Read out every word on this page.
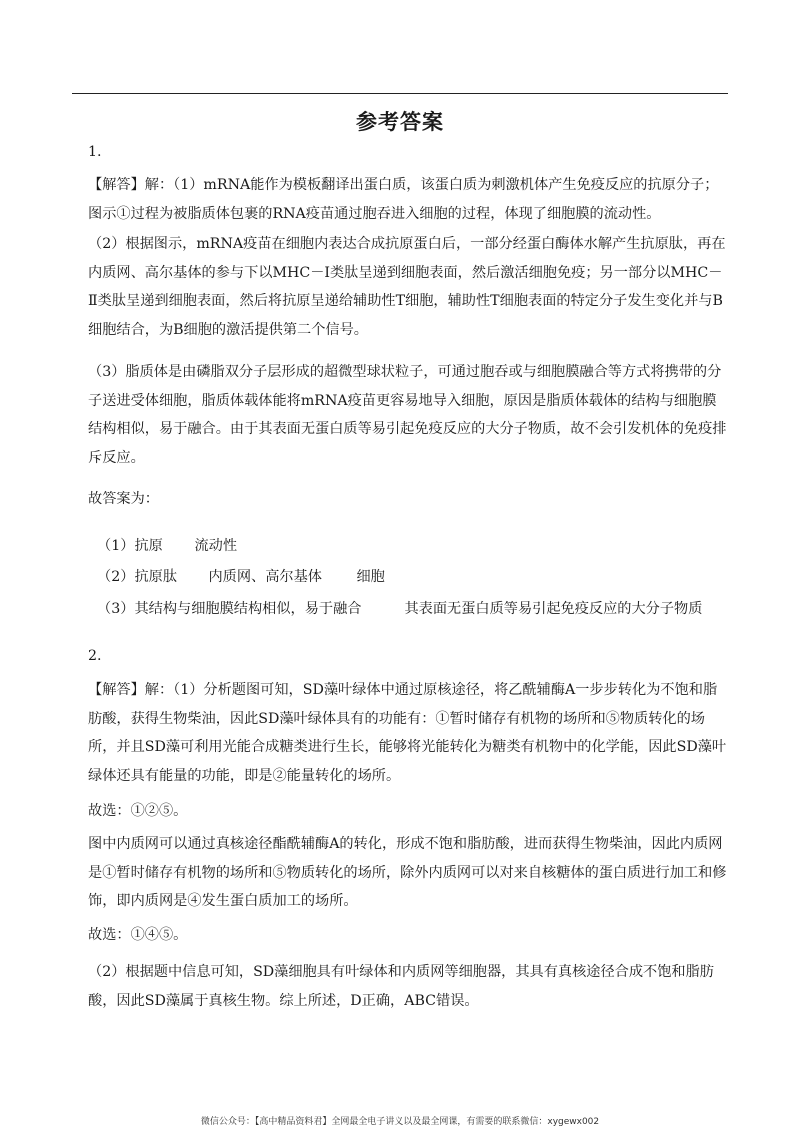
参考答案
1.
【解答】解：（1）mRNA能作为模板翻译出蛋白质，该蛋白质为刺激机体产生免疫反应的抗原分子；图示①过程为被脂质体包裹的RNA疫苗通过胞吞进入细胞的过程，体现了细胞膜的流动性。
（2）根据图示，mRNA疫苗在细胞内表达合成抗原蛋白后，一部分经蛋白酶体水解产生抗原肽，再在内质网、高尔基体的参与下以MHC－Ⅰ类肽呈递到细胞表面，然后激活细胞免疫；另一部分以MHC－Ⅱ类肽呈递到细胞表面，然后将抗原呈递给辅助性T细胞，辅助性T细胞表面的特定分子发生变化并与B细胞结合，为B细胞的激活提供第二个信号。
（3）脂质体是由磷脂双分子层形成的超微型球状粒子，可通过胞吞或与细胞膜融合等方式将携带的分子送进受体细胞，脂质体载体能将mRNA疫苗更容易地导入细胞，原因是脂质体载体的结构与细胞膜结构相似，易于融合。由于其表面无蛋白质等易引起免疫反应的大分子物质，故不会引发机体的免疫排斥反应。
故答案为：

（1）抗原 流动性

（2）抗原肽 内质网、高尔基体 细胞

（3）其结构与细胞膜结构相似，易于融合	其表面无蛋白质等易引起免疫反应的大分子物质

2.
【解答】解：（1）分析题图可知，SD藻叶绿体中通过原核途径，将乙酰辅酶A一步步转化为不饱和脂肪酸，获得生物柴油，因此SD藻叶绿体具有的功能有：①暂时储存有机物的场所和⑤物质转化的场所，并且SD藻可利用光能合成糖类进行生长，能够将光能转化为糖类有机物中的化学能，因此SD藻叶绿体还具有能量的功能，即是②能量转化的场所。
故选：①②⑤。
图中内质网可以通过真核途径酯酰辅酶A的转化，形成不饱和脂肪酸，进而获得生物柴油，因此内质网是①暂时储存有机物的场所和⑤物质转化的场所，除外内质网可以对来自核糖体的蛋白质进行加工和修饰，即内质网是④发生蛋白质加工的场所。
故选：①④⑤。
（2）根据题中信息可知，SD藻细胞具有叶绿体和内质网等细胞器，其具有真核途径合成不饱和脂肪酸，因此SD藻属于真核生物。综上所述，D正确，ABC错误。
微信公众号：【高中精品资料君】全网最全电子讲义以及最全网课，有需要的联系微信：xygewx002
